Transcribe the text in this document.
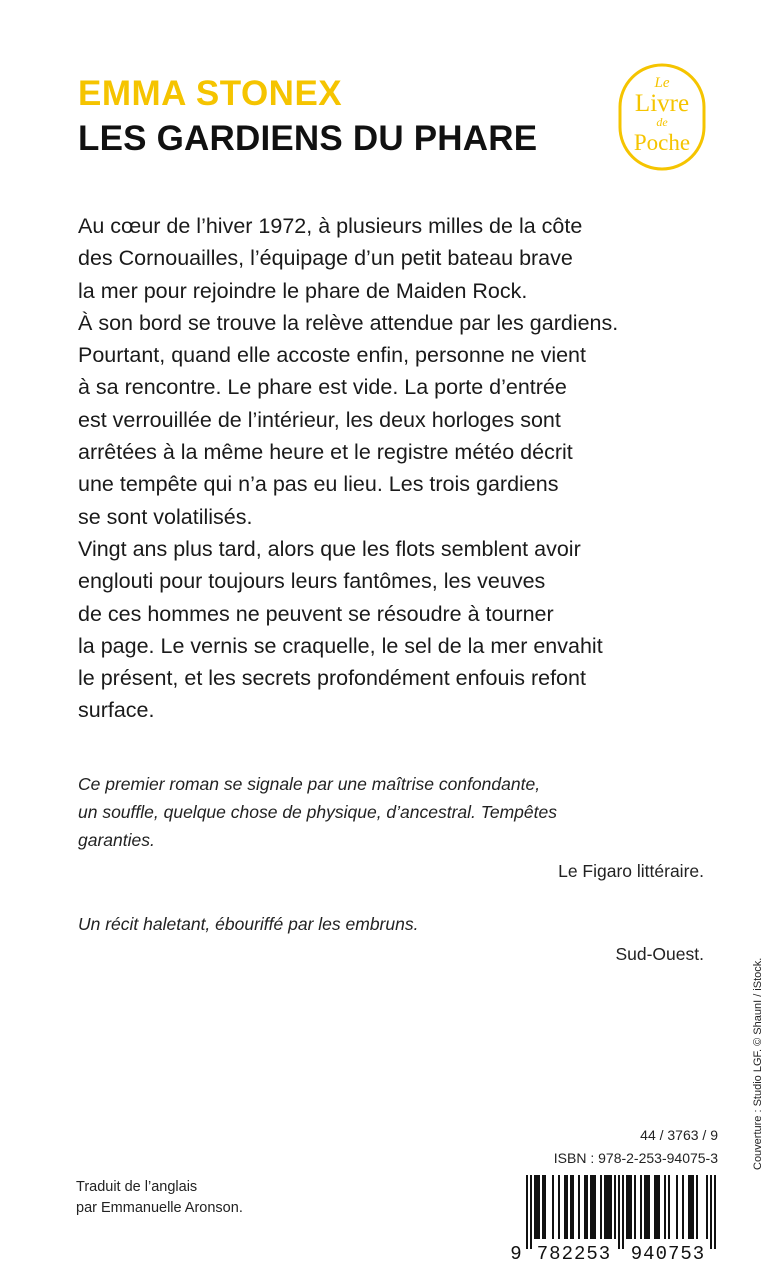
EMMA STONEX
LES GARDIENS DU PHARE
Le
Livre
de
Poche
Au cœur de l’hiver 1972, à plusieurs milles de la côte
des Cornouailles, l’équipage d’un petit bateau brave
la mer pour rejoindre le phare de Maiden Rock.
À son bord se trouve la relève attendue par les gardiens.
Pourtant, quand elle accoste enfin, personne ne vient
à sa rencontre. Le phare est vide. La porte d’entrée
est verrouillée de l’intérieur, les deux horloges sont
arrêtées à la même heure et le registre météo décrit
une tempête qui n’a pas eu lieu. Les trois gardiens
se sont volatilisés.
Vingt ans plus tard, alors que les flots semblent avoir
englouti pour toujours leurs fantômes, les veuves
de ces hommes ne peuvent se résoudre à tourner
la page. Le vernis se craquelle, le sel de la mer envahit
le présent, et les secrets profondément enfouis refont
surface.
Ce premier roman se signale par une maîtrise confondante,
un souffle, quelque chose de physique, d’ancestral. Tempêtes
garanties.
Le Figaro littéraire.
Un récit haletant, ébouriffé par les embruns.
Sud-Ouest.
Couverture : Studio LGF. © ShaunI / iStock.
44 / 3763 / 9
ISBN : 978-2-253-94075-3
Traduit de l’anglais
par Emmanuelle Aronson.
9 782253 940753
